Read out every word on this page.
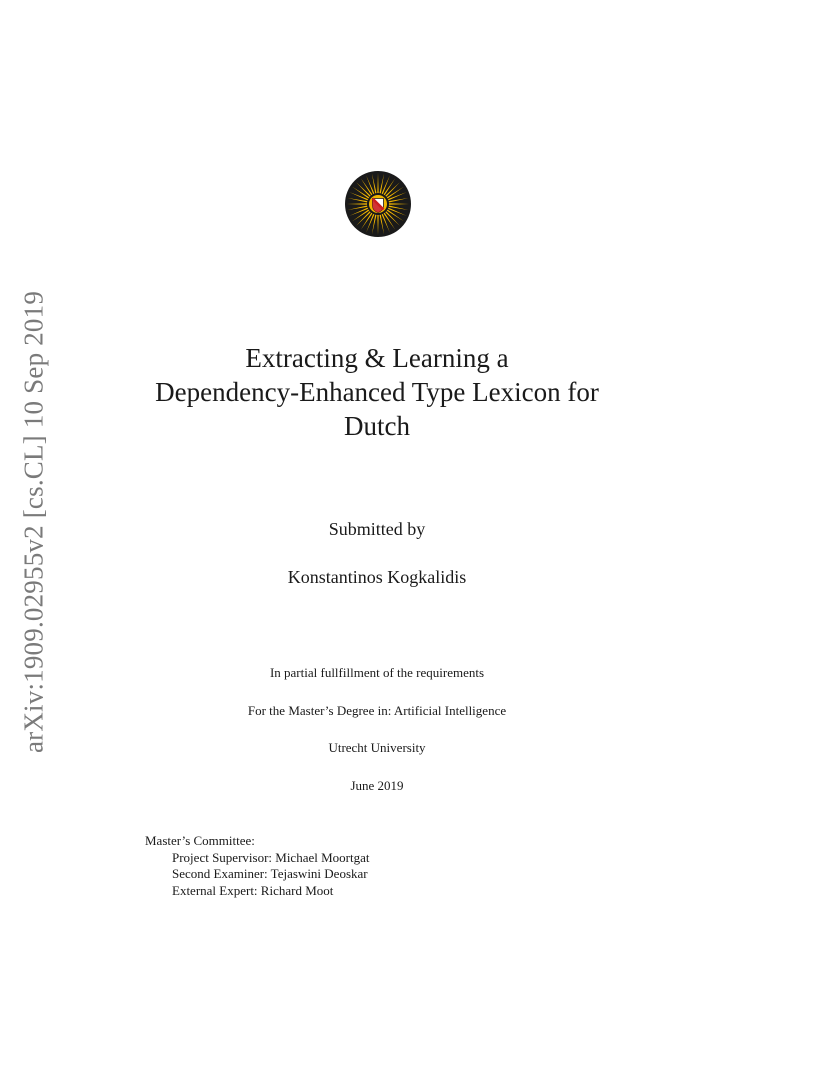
arXiv:1909.02955v2 [cs.CL] 10 Sep 2019	Extracting & Learning a
Dependency-Enhanced Type Lexicon for
Dutch
Submitted by
Konstantinos Kogkalidis
In partial fullfillment of the requirements
For the Master’s Degree in: Artificial Intelligence
Utrecht University
June 2019
Master’s Committee:
Project Supervisor: Michael Moortgat
Second Examiner: Tejaswini Deoskar
External Expert: Richard Moot
